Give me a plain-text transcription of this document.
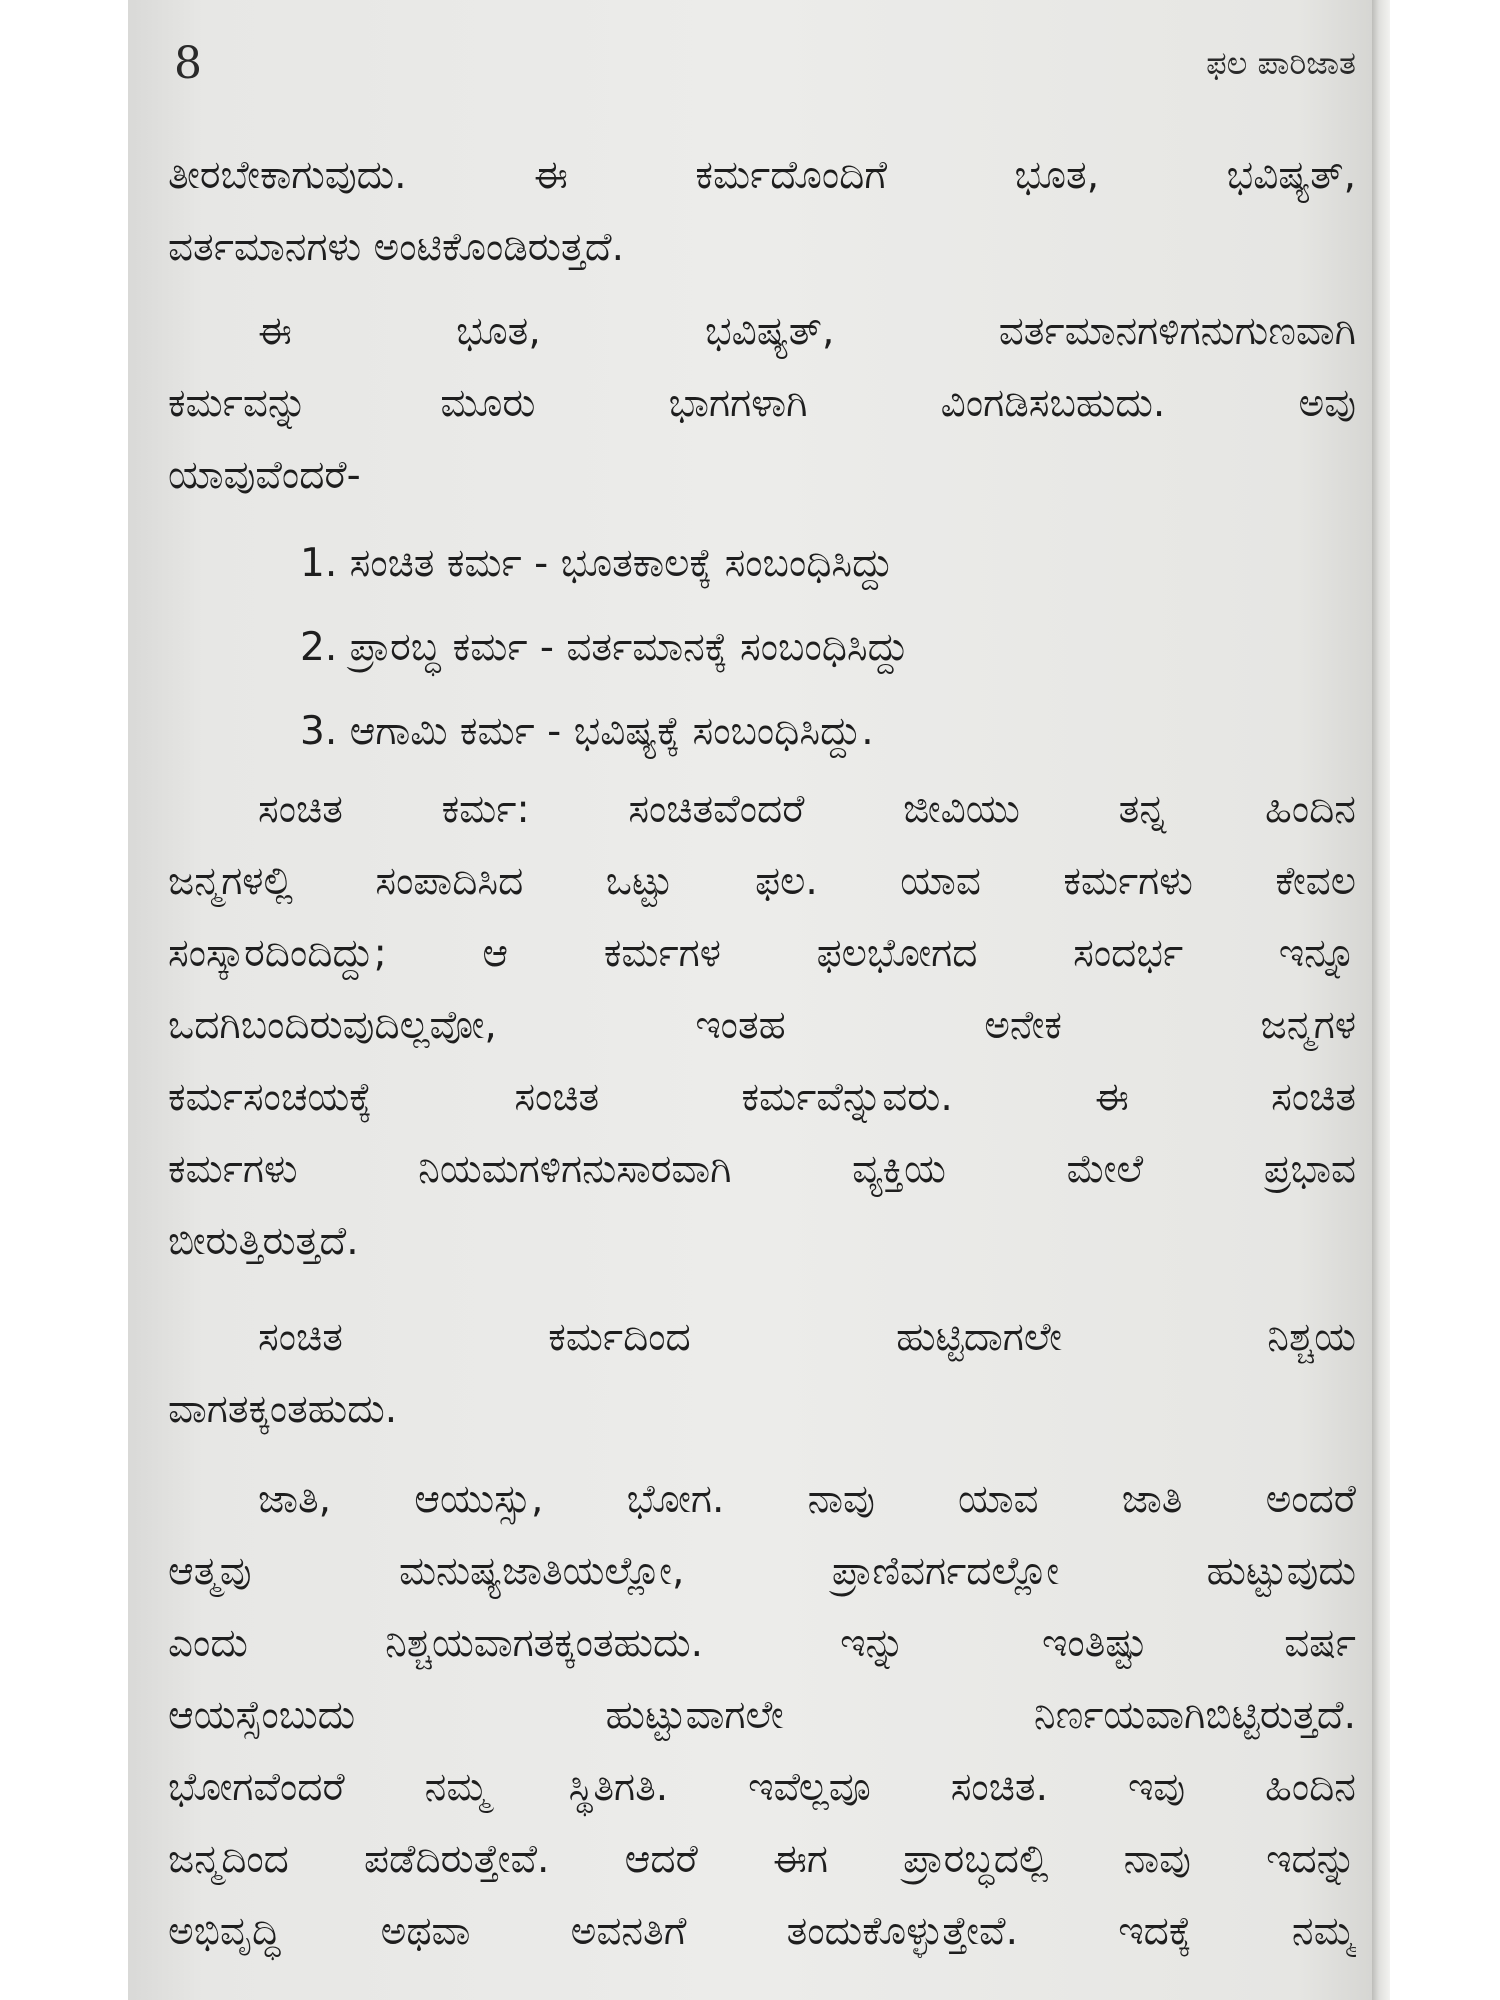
8	ಫಲ ಪಾರಿಜಾತ
ತೀರಬೇಕಾಗುವುದು. ಈ ಕರ್ಮದೊಂದಿಗೆ ಭೂತ, ಭವಿಷ್ಯತ್,
ವರ್ತಮಾನಗಳು ಅಂಟಿಕೊಂಡಿರುತ್ತದೆ.
ಈ ಭೂತ, ಭವಿಷ್ಯತ್, ವರ್ತಮಾನಗಳಿಗನುಗುಣವಾಗಿ
ಕರ್ಮವನ್ನು ಮೂರು ಭಾಗಗಳಾಗಿ ವಿಂಗಡಿಸಬಹುದು. ಅವು
ಯಾವುವೆಂದರೆ-
1. ಸಂಚಿತ ಕರ್ಮ - ಭೂತಕಾಲಕ್ಕೆ ಸಂಬಂಧಿಸಿದ್ದು
2. ಪ್ರಾರಬ್ಧ ಕರ್ಮ - ವರ್ತಮಾನಕ್ಕೆ ಸಂಬಂಧಿಸಿದ್ದು
3. ಆಗಾಮಿ ಕರ್ಮ - ಭವಿಷ್ಯಕ್ಕೆ ಸಂಬಂಧಿಸಿದ್ದು.
ಸಂಚಿತ ಕರ್ಮ: ಸಂಚಿತವೆಂದರೆ ಜೀವಿಯು ತನ್ನ ಹಿಂದಿನ
ಜನ್ಮಗಳಲ್ಲಿ ಸಂಪಾದಿಸಿದ ಒಟ್ಟು ಫಲ. ಯಾವ ಕರ್ಮಗಳು ಕೇವಲ
ಸಂಸ್ಕಾರದಿಂದಿದ್ದು; ಆ ಕರ್ಮಗಳ ಫಲಭೋಗದ ಸಂದರ್ಭ ಇನ್ನೂ
ಒದಗಿಬಂದಿರುವುದಿಲ್ಲವೋ, ಇಂತಹ ಅನೇಕ ಜನ್ಮಗಳ
ಕರ್ಮಸಂಚಯಕ್ಕೆ ಸಂಚಿತ ಕರ್ಮವೆನ್ನುವರು. ಈ ಸಂಚಿತ
ಕರ್ಮಗಳು ನಿಯಮಗಳಿಗನುಸಾರವಾಗಿ ವ್ಯಕ್ತಿಯ ಮೇಲೆ ಪ್ರಭಾವ
ಬೀರುತ್ತಿರುತ್ತದೆ.
ಸಂಚಿತ ಕರ್ಮದಿಂದ ಹುಟ್ಟಿದಾಗಲೇ ನಿಶ್ಚಯ
ವಾಗತಕ್ಕಂತಹುದು.
ಜಾತಿ, ಆಯುಸ್ಸು, ಭೋಗ. ನಾವು ಯಾವ ಜಾತಿ ಅಂದರೆ
ಆತ್ಮವು ಮನುಷ್ಯಜಾತಿಯಲ್ಲೋ, ಪ್ರಾಣಿವರ್ಗದಲ್ಲೋ ಹುಟ್ಟುವುದು
ಎಂದು ನಿಶ್ಚಯವಾಗತಕ್ಕಂತಹುದು. ಇನ್ನು ಇಂತಿಷ್ಟು ವರ್ಷ
ಆಯಸ್ಸೆಂಬುದು ಹುಟ್ಟುವಾಗಲೇ ನಿರ್ಣಯವಾಗಿಬಿಟ್ಟಿರುತ್ತದೆ.
ಭೋಗವೆಂದರೆ ನಮ್ಮ ಸ್ಥಿತಿಗತಿ. ಇವೆಲ್ಲವೂ ಸಂಚಿತ. ಇವು ಹಿಂದಿನ
ಜನ್ಮದಿಂದ ಪಡೆದಿರುತ್ತೇವೆ. ಆದರೆ ಈಗ ಪ್ರಾರಬ್ಧದಲ್ಲಿ ನಾವು ಇದನ್ನು
ಅಭಿವೃದ್ಧಿ ಅಥವಾ ಅವನತಿಗೆ ತಂದುಕೊಳ್ಳುತ್ತೇವೆ. ಇದಕ್ಕೆ ನಮ್ಮ
